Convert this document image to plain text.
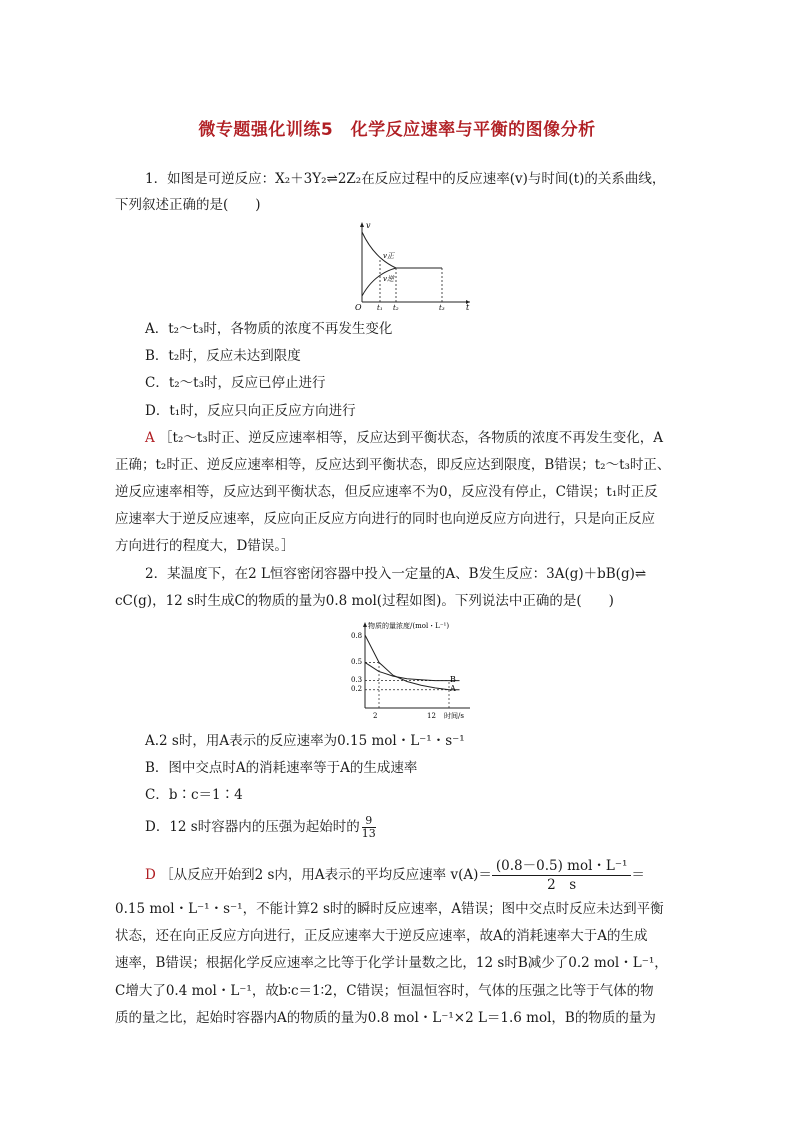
微专题强化训练5　化学反应速率与平衡的图像分析
1．如图是可逆反应：X₂＋3Y₂⇌2Z₂在反应过程中的反应速率(v)与时间(t)的关系曲线，
下列叙述正确的是(　　)
v
t
O
v正
v逆
t₁ t₂	t₃
A．t₂～t₃时，各物质的浓度不再发生变化
B．t₂时，反应未达到限度
C．t₂～t₃时，反应已停止进行
D．t₁时，反应只向正反应方向进行
A ［t₂～t₃时正、逆反应速率相等，反应达到平衡状态，各物质的浓度不再发生变化，A
正确；t₂时正、逆反应速率相等，反应达到平衡状态，即反应达到限度，B错误；t₂～t₃时正、
逆反应速率相等，反应达到平衡状态，但反应速率不为0，反应没有停止，C错误；t₁时正反
应速率大于逆反应速率，反应向正反应方向进行的同时也向逆反应方向进行，只是向正反应
方向进行的程度大，D错误。］
2．某温度下，在2 L恒容密闭容器中投入一定量的A、B发生反应：3A(g)＋bB(g)⇌
cC(g)，12 s时生成C的物质的量为0.8 mol(过程如图)。下列说法中正确的是(　　)
物质的量浓度/(mol・L⁻¹)
时间/s
0.8
0.5
0.3
0.2
2	12
B
A
A.2 s时，用A表示的反应速率为0.15 mol・L⁻¹・s⁻¹
B．图中交点时A的消耗速率等于A的生成速率
C．b∶c＝1∶4
D．12 s时容器内的压强为起始时的 $\frac{9}{13}$
D ［从反应开始到2 s内，用A表示的平均反应速率 $v(A)= \frac{\text{(0.8－0.5) mol・L⁻¹}}{2 s}$ ＝
0.15 mol・L⁻¹・s⁻¹，不能计算2 s时的瞬时反应速率，A错误；图中交点时反应未达到平衡
状态，还在向正反应方向进行，正反应速率大于逆反应速率，故A的消耗速率大于A的生成
速率，B错误；根据化学反应速率之比等于化学计量数之比，12 s时B减少了0.2 mol・L⁻¹，
C增大了0.4 mol・L⁻¹，故b∶c＝1∶2，C错误；恒温恒容时，气体的压强之比等于气体的物
质的量之比，起始时容器内A的物质的量为0.8 mol・L⁻¹×2 L＝1.6 mol，B的物质的量为
